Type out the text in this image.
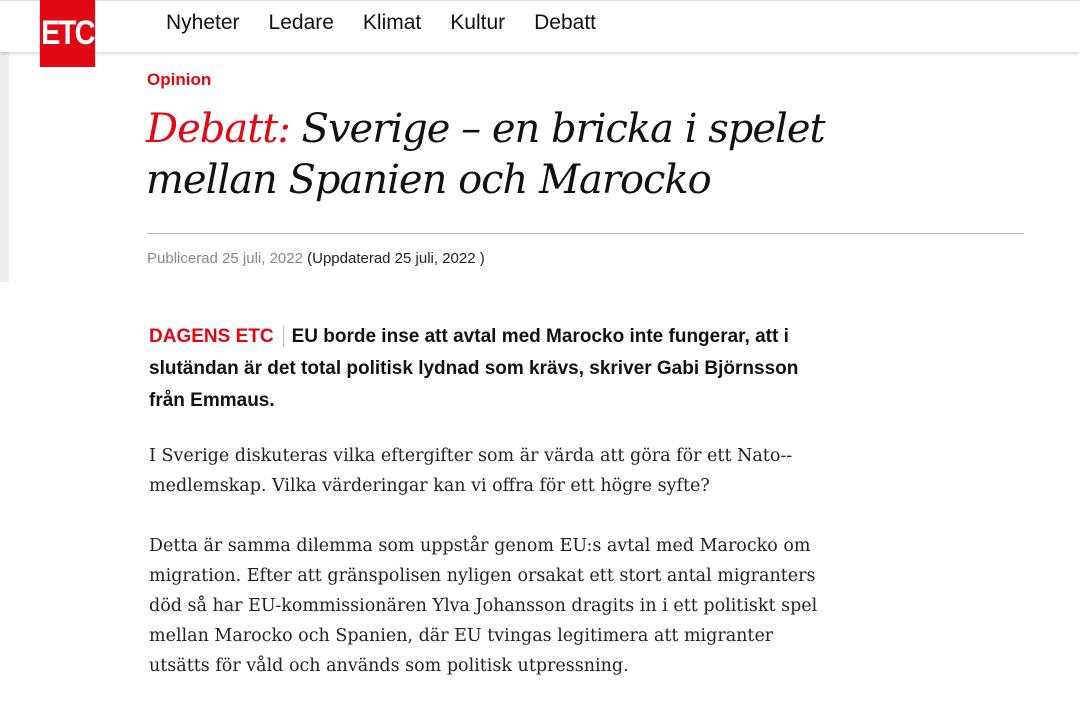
ETC	Nyheter Ledare Klimat Kultur Debatt
Opinion
Debatt: Sverige – en bricka i spelet mellan Spanien och Marocko
Publicerad 25 juli, 2022 (Uppdaterad 25 juli, 2022 )
DAGENS ETC EU borde inse att avtal med Marocko inte fungerar, att i slutändan är det total politisk lydnad som krävs, skriver Gabi Björnsson från Emmaus.

I Sverige diskuteras vilka eftergifter som är värda att göra för ett Nato--medlemskap. Vilka värderingar kan vi offra för ett högre syfte?

Detta är samma dilemma som uppstår genom EU:s avtal med Marocko om migration. Efter att gränspolisen nyligen orsakat ett stort antal migranters död så har EU-kommissionären Ylva Johansson dragits in i ett politiskt spel mellan Marocko och Spanien, där EU tvingas legitimera att migranter utsätts för våld och används som politisk utpressning.
